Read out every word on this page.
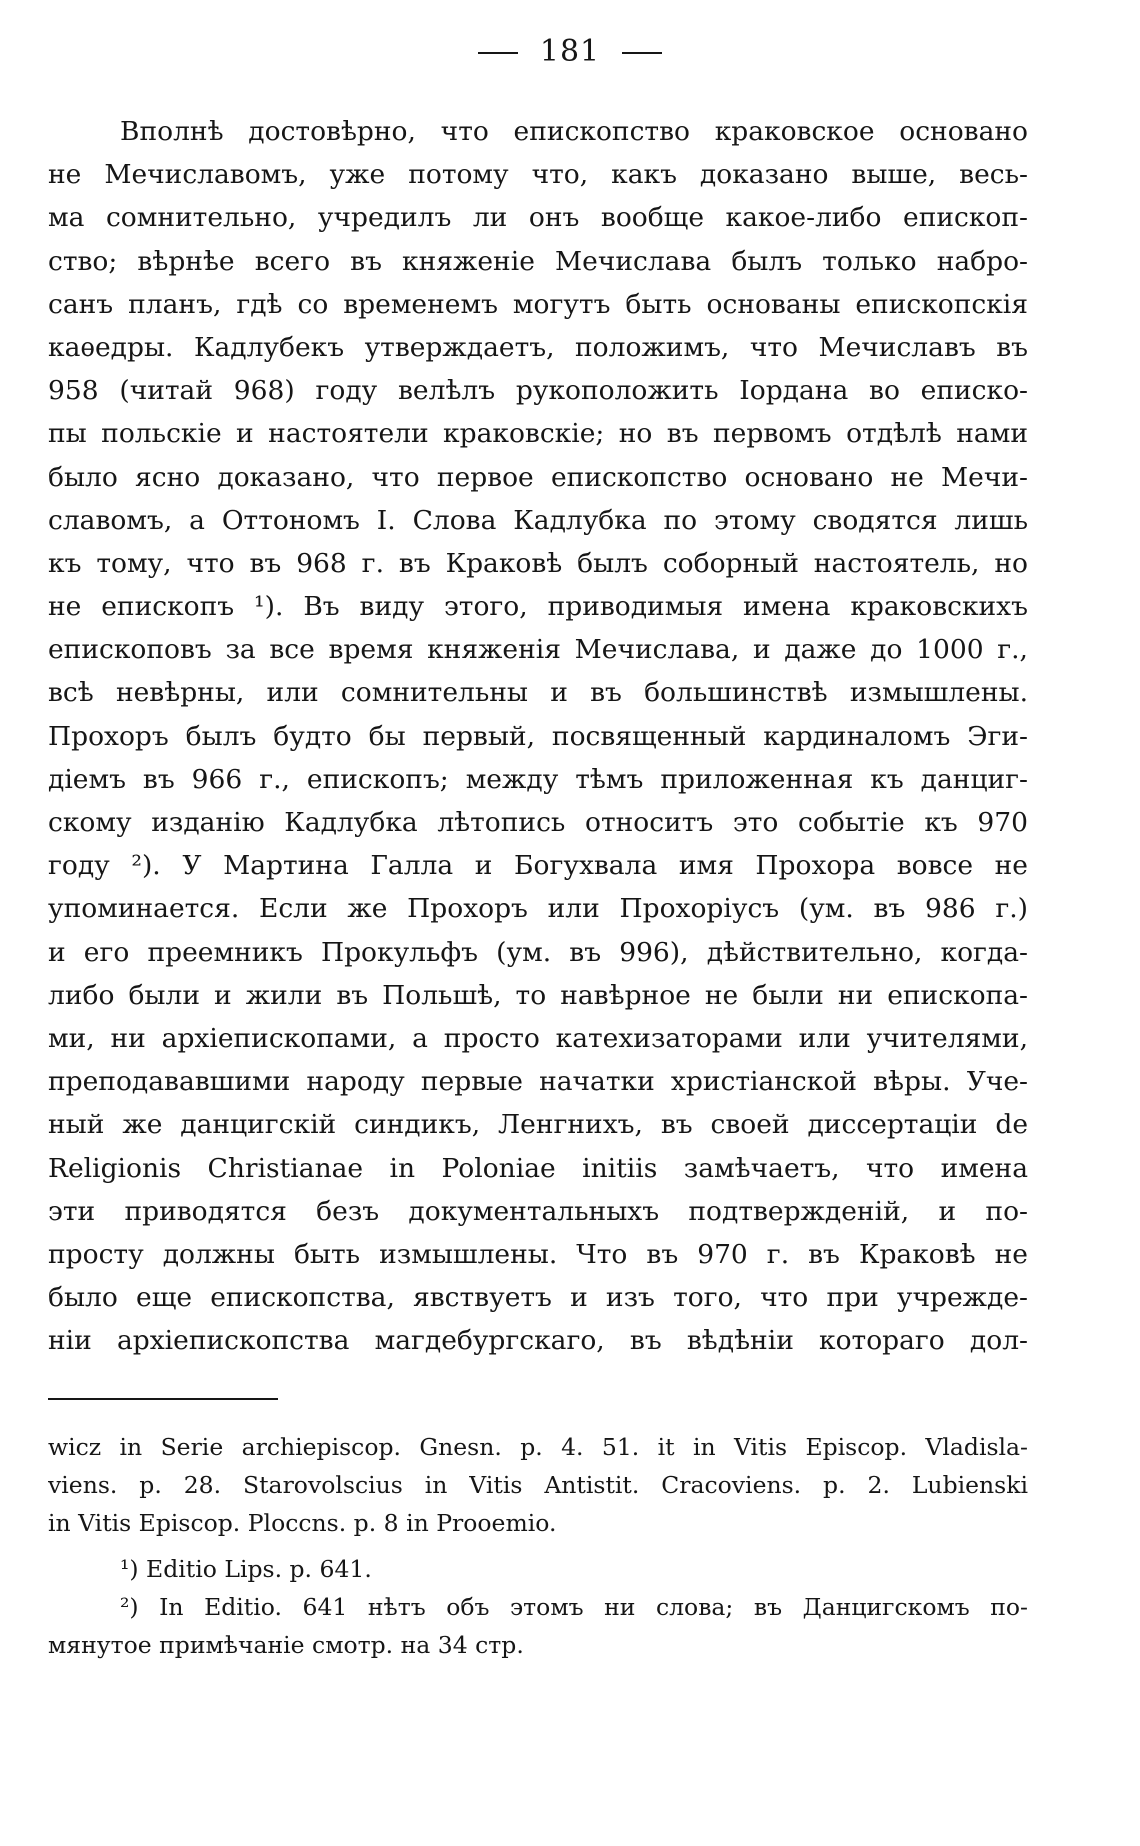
181
Вполнѣ достовѣрно, что епископство краковское основано
не Мечиславомъ, уже потому что, какъ доказано выше, весь-
ма сомнительно, учредилъ ли онъ вообще какое-либо епископ-
ство; вѣрнѣе всего въ княженіе Мечислава былъ только набро-
санъ планъ, гдѣ со временемъ могутъ быть основаны епископскія
каѳедры. Кадлубекъ утверждаетъ, положимъ, что Мечиславъ въ
958 (читай 968) году велѣлъ рукоположить Іордана во еписко-
пы польскіе и настоятели краковскіе; но въ первомъ отдѣлѣ нами
было ясно доказано, что первое епископство основано не Мечи-
славомъ, а Оттономъ І. Слова Кадлубка по этому сводятся лишь
къ тому, что въ 968 г. въ Краковѣ былъ соборный настоятель, но
не епископъ ¹). Въ виду этого, приводимыя имена краковскихъ
епископовъ за все время княженія Мечислава, и даже до 1000 г.,
всѣ невѣрны, или сомнительны и въ большинствѣ измышлены.
Прохоръ былъ будто бы первый, посвященный кардиналомъ Эги-
діемъ въ 966 г., епископъ; между тѣмъ приложенная къ данциг-
скому изданію Кадлубка лѣтопись относитъ это событіе къ 970
году ²). У Мартина Галла и Богухвала имя Прохора вовсе не
упоминается. Если же Прохоръ или Прохоріусъ (ум. въ 986 г.)
и его преемникъ Прокульфъ (ум. въ 996), дѣйствительно, когда-
либо были и жили въ Польшѣ, то навѣрное не были ни епископа-
ми, ни архіепископами, а просто катехизаторами или учителями,
преподававшими народу первые начатки христіанской вѣры. Уче-
ный же данцигскій синдикъ, Ленгнихъ, въ своей диссертаціи de
Religionis Christianae in Poloniae initiis замѣчаетъ, что имена
эти приводятся безъ документальныхъ подтвержденій, и по-
просту должны быть измышлены. Что въ 970 г. въ Краковѣ не
было еще епископства, явствуетъ и изъ того, что при учрежде-
ніи архіепископства магдебургскаго, въ вѣдѣніи котораго дол-
wicz in Serie archiepiscop. Gnesn. p. 4. 51. it in Vitis Episcop. Vladisla-
viens. p. 28. Starovolscius in Vitis Antistit. Cracoviens. p. 2. Lubienski
in Vitis Episcop. Ploccns. p. 8 in Prooemio.
¹) Editio Lips. p. 641.
²) In Editio. 641 нѣтъ объ этомъ ни слова; въ Данцигскомъ по-
мянутое примѣчаніе смотр. на 34 стр.
